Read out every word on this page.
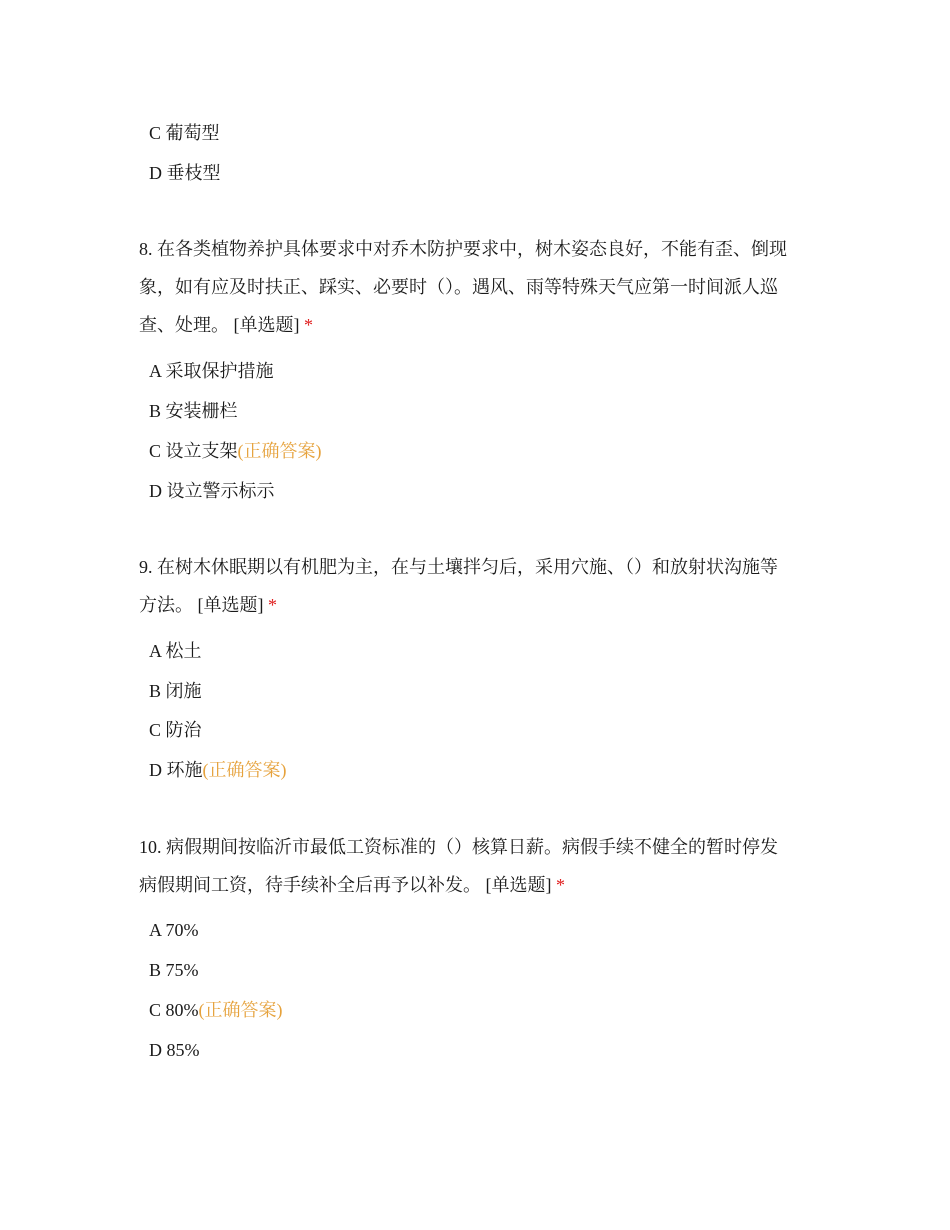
C 葡萄型
D 垂枝型
8. 在各类植物养护具体要求中对乔木防护要求中，树木姿态良好，不能有歪、倒现
象，如有应及时扶正、踩实、必要时（）。遇风、雨等特殊天气应第一时间派人巡
查、处理。 [单选题] *
A 采取保护措施
B 安装栅栏
C 设立支架(正确答案)
D 设立警示标示
9. 在树木休眠期以有机肥为主，在与土壤拌匀后，采用穴施、（）和放射状沟施等
方法。 [单选题] *
A 松土
B 闭施
C 防治
D 环施(正确答案)
10. 病假期间按临沂市最低工资标准的（）核算日薪。病假手续不健全的暂时停发
病假期间工资，待手续补全后再予以补发。 [单选题] *
A 70%
B 75%
C 80%(正确答案)
D 85%
